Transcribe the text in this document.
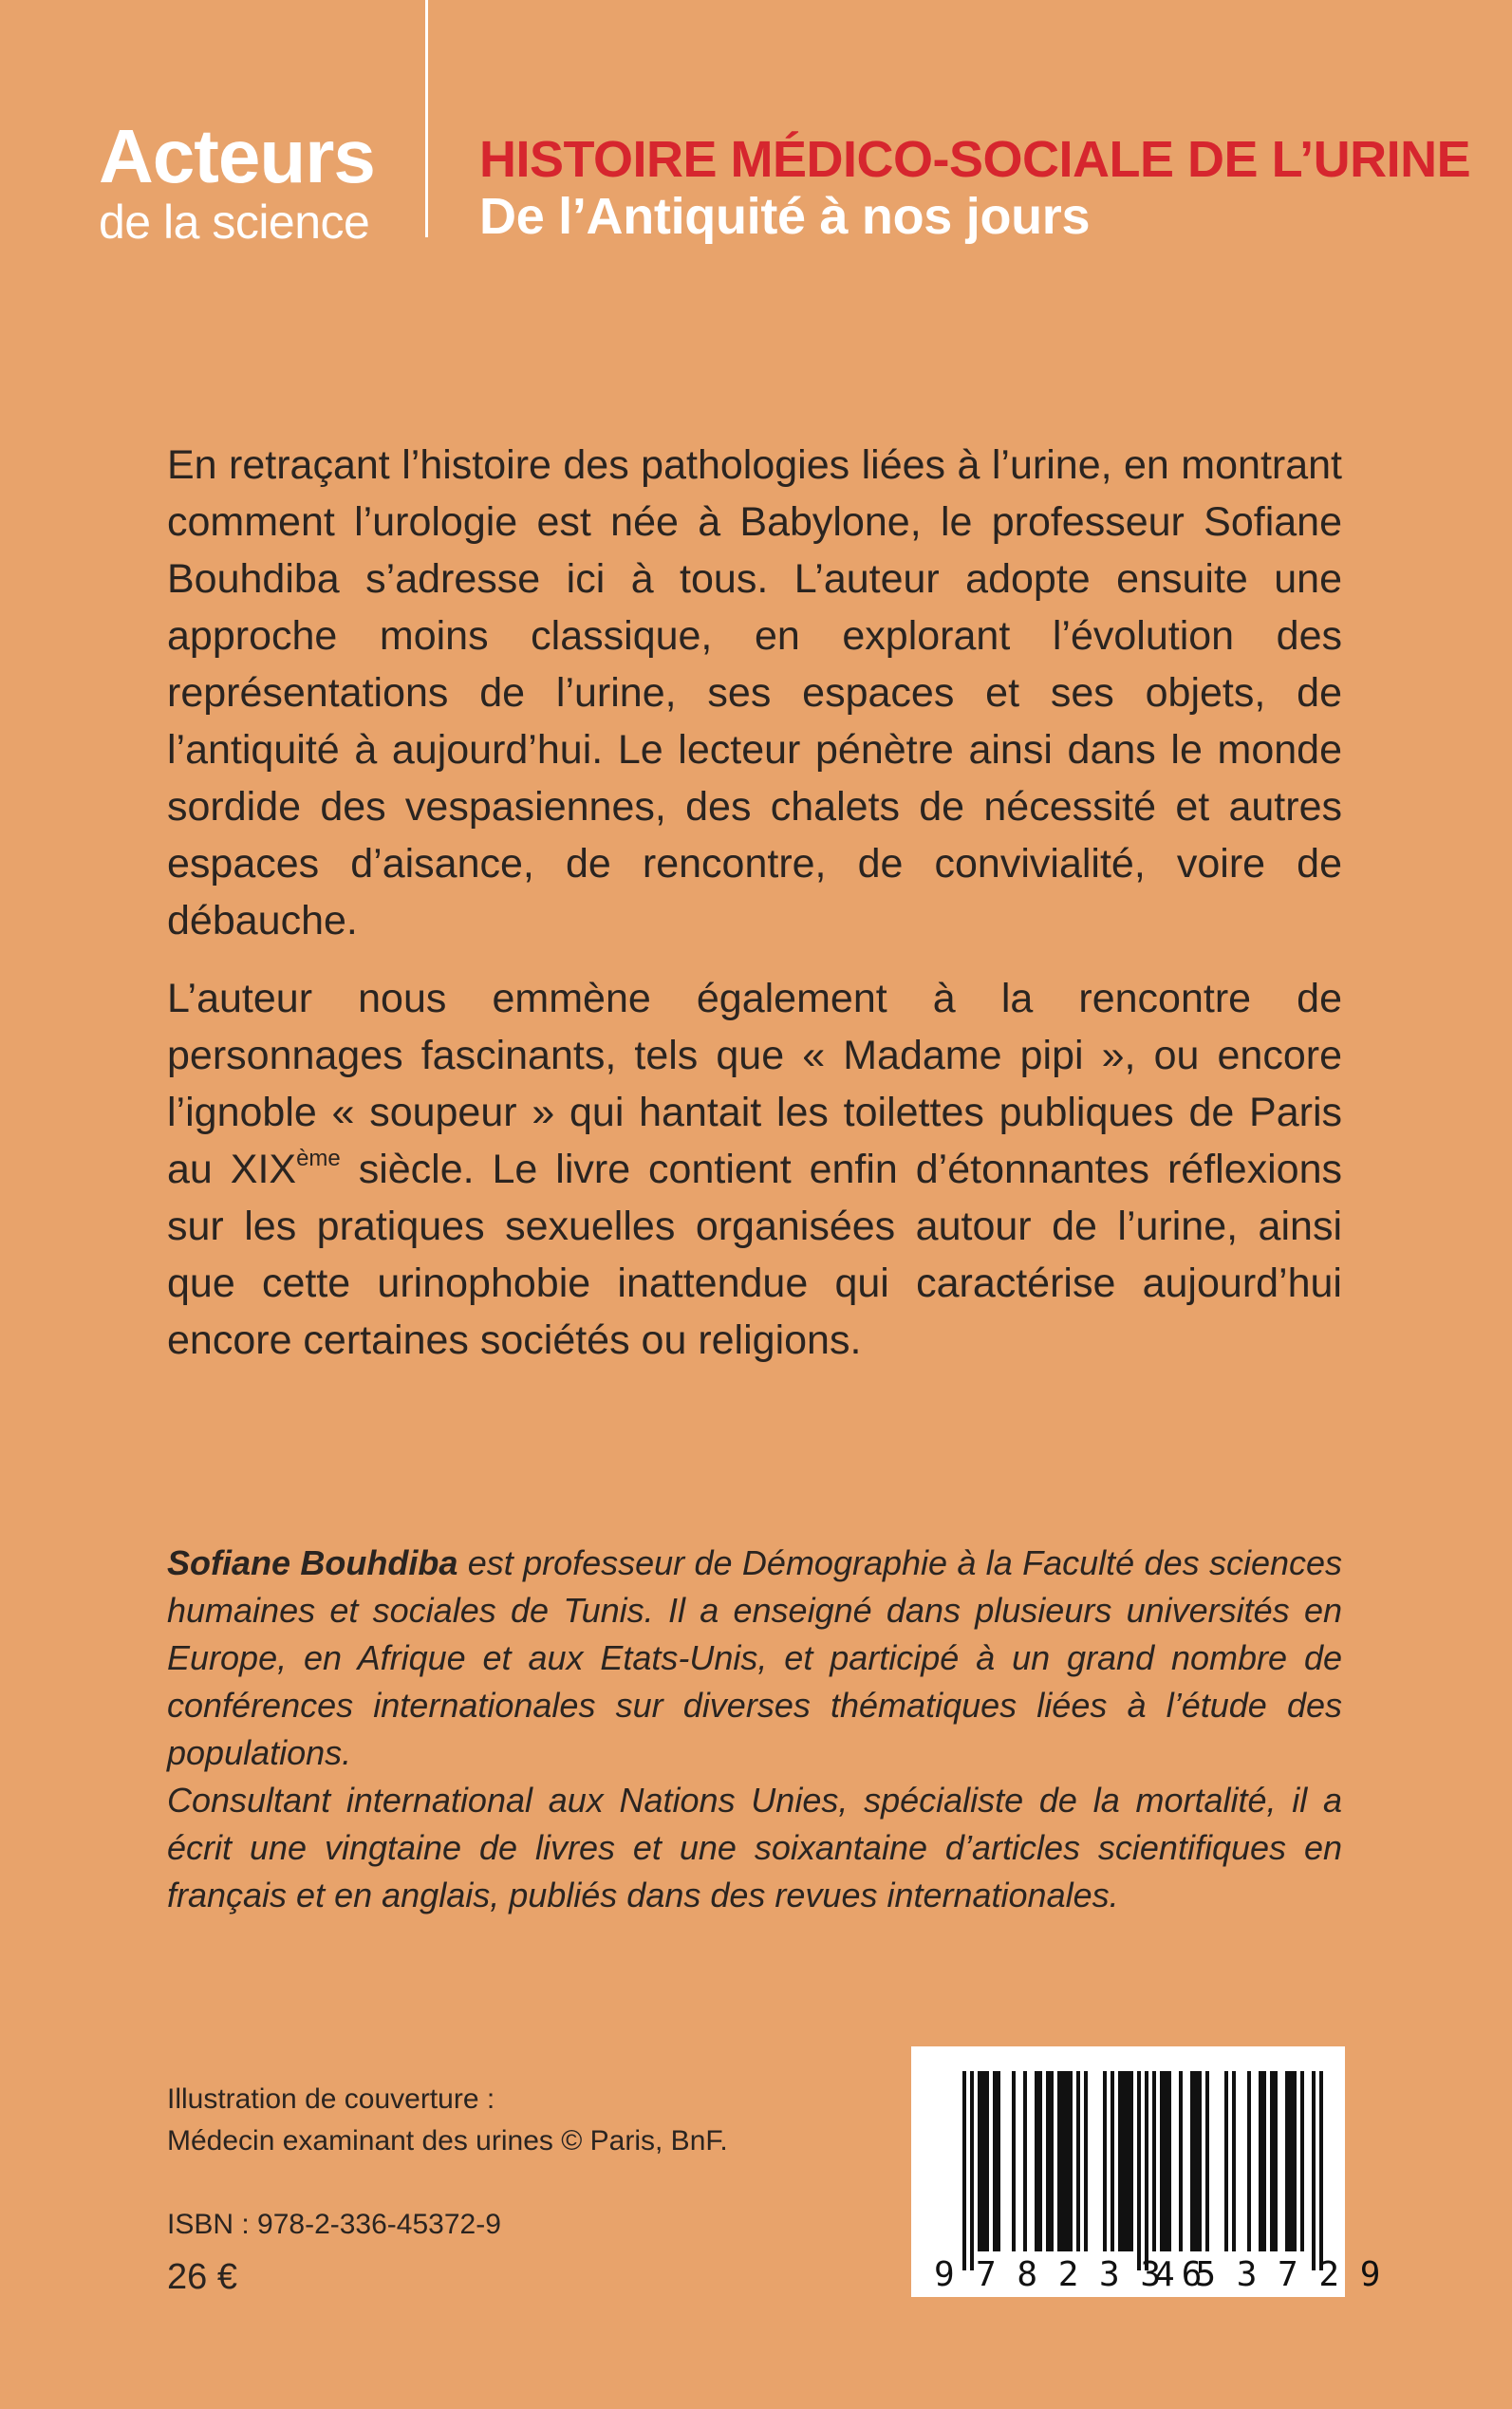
Acteurs
de la science
HISTOIRE MÉDICO-SOCIALE DE L’URINE
De l’Antiquité à nos jours

En retraçant l’histoire des pathologies liées à l’urine, en montrant comment l’urologie est née à Babylone, le professeur Sofiane Bouhdiba s’adresse ici à tous. L’auteur adopte ensuite une approche moins classique, en explorant l’évolution des représentations de l’urine, ses espaces et ses objets, de l’antiquité à aujourd’hui. Le lecteur pénètre ainsi dans le monde sordide des vespasiennes, des chalets de nécessité et autres espaces d’aisance, de rencontre, de convivialité, voire de débauche.

L’auteur nous emmène également à la rencontre de personnages fascinants, tels que « Madame pipi », ou encore l’ignoble « soupeur » qui hantait les toilettes publiques de Paris au XIXème siècle. Le livre contient enfin d’étonnantes réflexions sur les pratiques sexuelles organisées autour de l’urine, ainsi que cette urinophobie inattendue qui caractérise aujourd’hui encore certaines sociétés ou religions.

Sofiane Bouhdiba est professeur de Démographie à la Faculté des sciences humaines et sociales de Tunis. Il a enseigné dans plusieurs universités en Europe, en Afrique et aux Etats-Unis, et participé à un grand nombre de conférences internationales sur diverses thématiques liées à l’étude des populations.

Consultant international aux Nations Unies, spécialiste de la mortalité, il a écrit une vingtaine de livres et une soixantaine d’articles scientifiques en français et en anglais, publiés dans des revues internationales.

Illustration de couverture :
Médecin examinant des urines © Paris, BnF.
ISBN : 978-2-336-45372-9
26 €	9 7 8 2 3 3 6
4 5 3 7 2 9
